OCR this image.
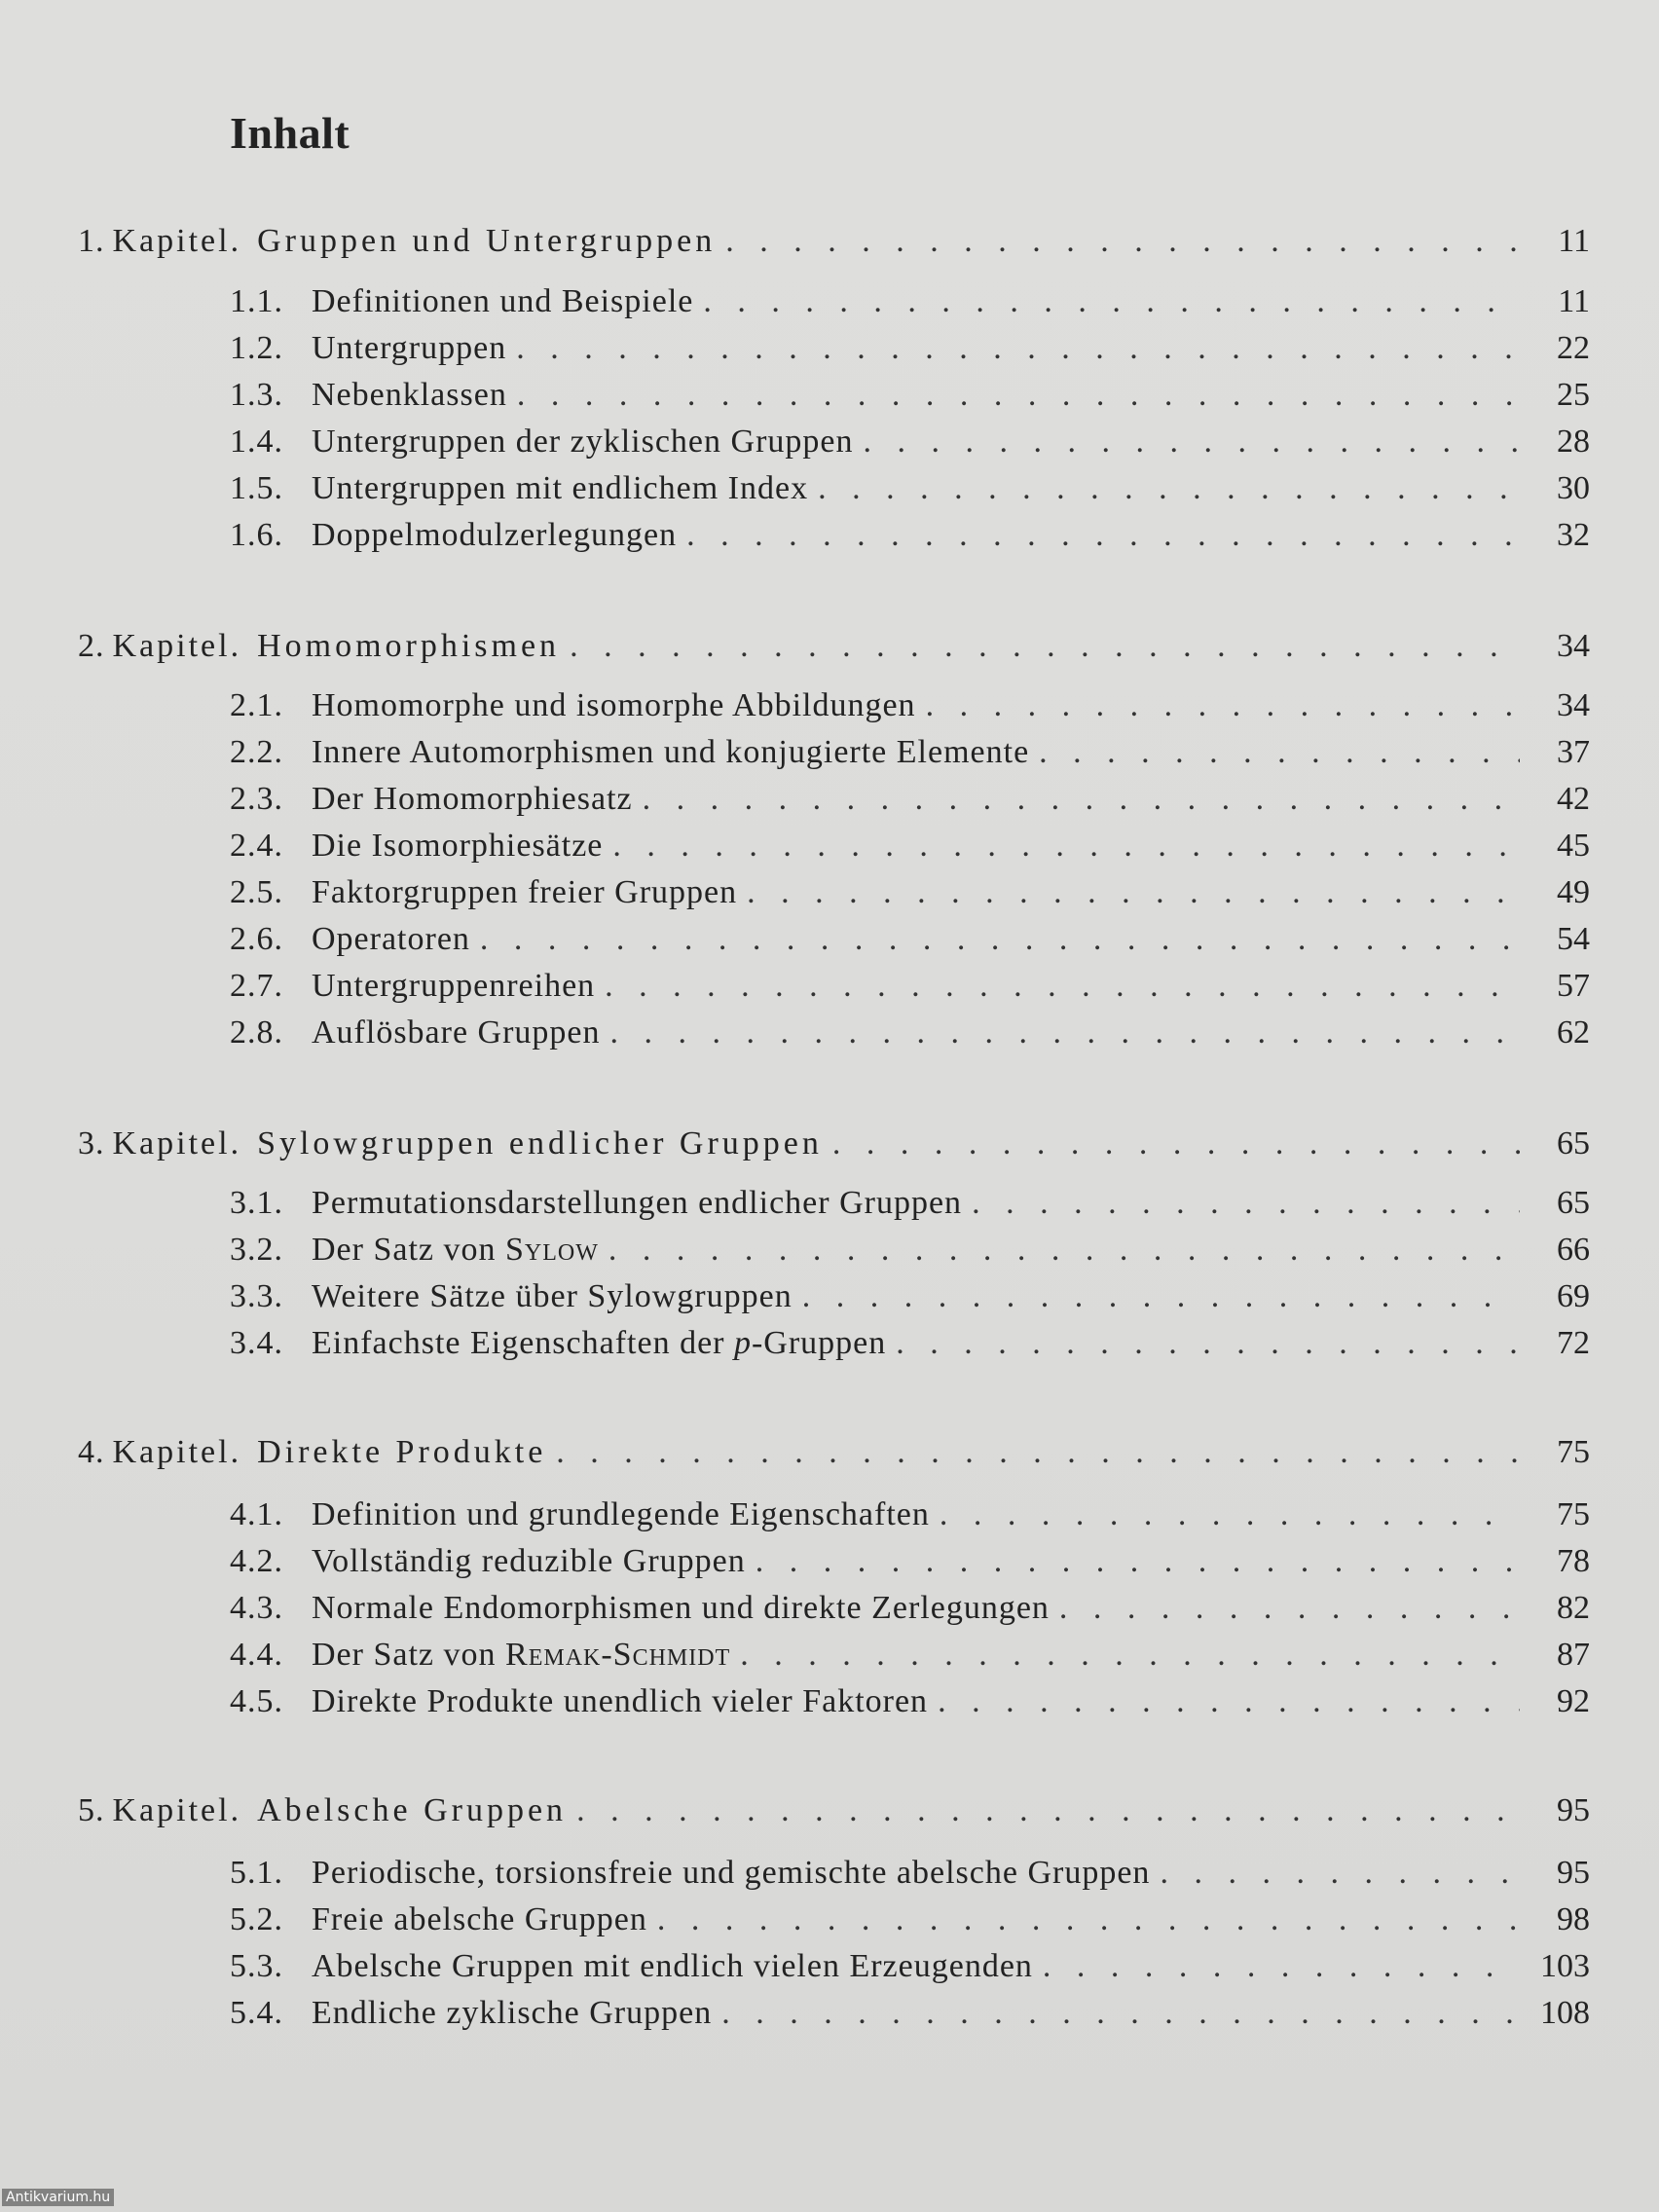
Inhalt
1. Kapitel. Gruppen und Untergruppen . . .	11
1.1. Definitionen und Beispiele . . .	11
1.2. Untergruppen . . .	22
1.3. Nebenklassen . . .	25
1.4. Untergruppen der zyklischen Gruppen . . .	28
1.5. Untergruppen mit endlichem Index . . .	30
1.6. Doppelmodulzerlegungen . . .	32
2. Kapitel. Homomorphismen . . .	34
2.1. Homomorphe und isomorphe Abbildungen . . .	34
2.2. Innere Automorphismen und konjugierte Elemente . . .	37
2.3. Der Homomorphiesatz . . .	42
2.4. Die Isomorphiesätze . . .	45
2.5. Faktorgruppen freier Gruppen . . .	49
2.6. Operatoren . . .	54
2.7. Untergruppenreihen . . .	57
2.8. Auflösbare Gruppen . . .	62
3. Kapitel. Sylowgruppen endlicher Gruppen . . .	65
3.1. Permutationsdarstellungen endlicher Gruppen . . .	65
3.2. Der Satz von Sylow . . .	66
3.3. Weitere Sätze über Sylowgruppen . . .	69
3.4. Einfachste Eigenschaften der p-Gruppen . . .	72
4. Kapitel. Direkte Produkte . . .	75
4.1. Definition und grundlegende Eigenschaften . . .	75
4.2. Vollständig reduzible Gruppen . . .	78
4.3. Normale Endomorphismen und direkte Zerlegungen . . .	82
4.4. Der Satz von Remak-Schmidt . . .	87
4.5. Direkte Produkte unendlich vieler Faktoren . . .	92
5. Kapitel. Abelsche Gruppen . . .	95
5.1. Periodische, torsionsfreie und gemischte abelsche Gruppen . . .	95
5.2. Freie abelsche Gruppen . . .	98
5.3. Abelsche Gruppen mit endlich vielen Erzeugenden . . .	103
5.4. Endliche zyklische Gruppen . . .	108
Antikvarium.hu
